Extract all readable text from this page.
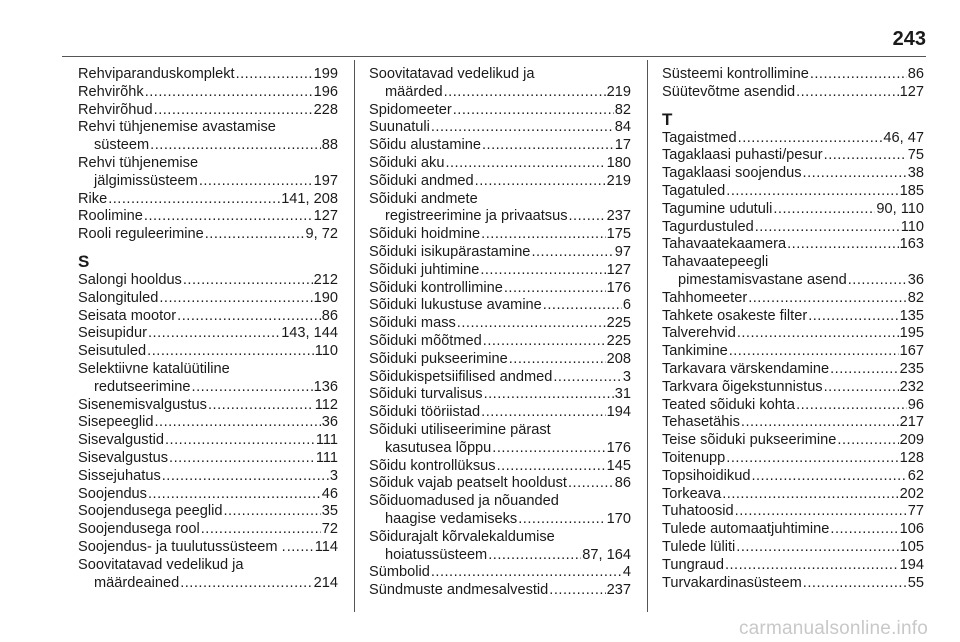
243
Rehviparanduskomplekt .....	199
Rehvirõhk .....	196
Rehvirõhud .....	228
Rehvi tühjenemise avastamise
süsteem .....	88
Rehvi tühjenemise
jälgimissüsteem .....	197
Rike .....	141, 208
Roolimine .....	127
Rooli reguleerimine .....	9, 72
S
Salongi hooldus .....	212
Salongituled .....	190
Seisata mootor .....	86
Seisupidur .....	143, 144
Seisutuled .....	110
Selektiivne katalüütiline
redutseerimine .....	136
Sisenemisvalgustus .....	112
Sisepeeglid .....	36
Sisevalgustid .....	111
Sisevalgustus .....	111
Sissejuhatus .....	3
Soojendus .....	46
Soojendusega peeglid .....	35
Soojendusega rool .....	72
Soojendus- ja tuulutussüsteem . ..... 114
Soovitatavad vedelikud ja
määrdeained .....	214
Soovitatavad vedelikud ja
määrded .....	219
Spidomeeter .....	82
Suunatuli .....	84
Sõidu alustamine .....	17
Sõiduki aku .....	180
Sõiduki andmed .....	219
Sõiduki andmete
registreerimine ja privaatsus .....	237
Sõiduki hoidmine .....	175
Sõiduki isikupärastamine .....	97
Sõiduki juhtimine .....	127
Sõiduki kontrollimine .....	176
Sõiduki lukustuse avamine .....	6
Sõiduki mass .....	225
Sõiduki mõõtmed .....	225
Sõiduki pukseerimine .....	208
Sõidukispetsiifilised andmed .....	3
Sõiduki turvalisus .....	31
Sõiduki tööriistad .....	194
Sõiduki utiliseerimine pärast
kasutusea lõppu .....	176
Sõidu kontrollüksus .....	145
Sõiduk vajab peatselt hooldust .....	86
Sõiduomadused ja nõuanded
haagise vedamiseks .....	170
Sõidurajalt kõrvalekaldumise
hoiatussüsteem .....	87, 164
Sümbolid .....	4
Sündmuste andmesalvestid .....	237
Süsteemi kontrollimine .....	86
Süütevõtme asendid .....	127
T
Tagaistmed .....	46, 47
Tagaklaasi puhasti/pesur .....	75
Tagaklaasi soojendus .....	38
Tagatuled .....	185
Tagumine udutuli .....	90, 110
Tagurdustuled .....	110
Tahavaatekaamera .....	163
Tahavaatepeegli
pimestamisvastane asend .....	36
Tahhomeeter .....	82
Tahkete osakeste filter .....	135
Talverehvid .....	195
Tankimine .....	167
Tarkavara värskendamine .....	235
Tarkvara õigekstunnistus .....	232
Teated sõiduki kohta .....	96
Tehasetähis .....	217
Teise sõiduki pukseerimine .....	209
Toitenupp .....	128
Topsihoidikud .....	62
Torkeava .....	202
Tuhatoosid .....	77
Tulede automaatjuhtimine .....	106
Tulede lüliti .....	105
Tungraud .....	194
Turvakardinasüsteem .....	55
carmanualsonline.info
